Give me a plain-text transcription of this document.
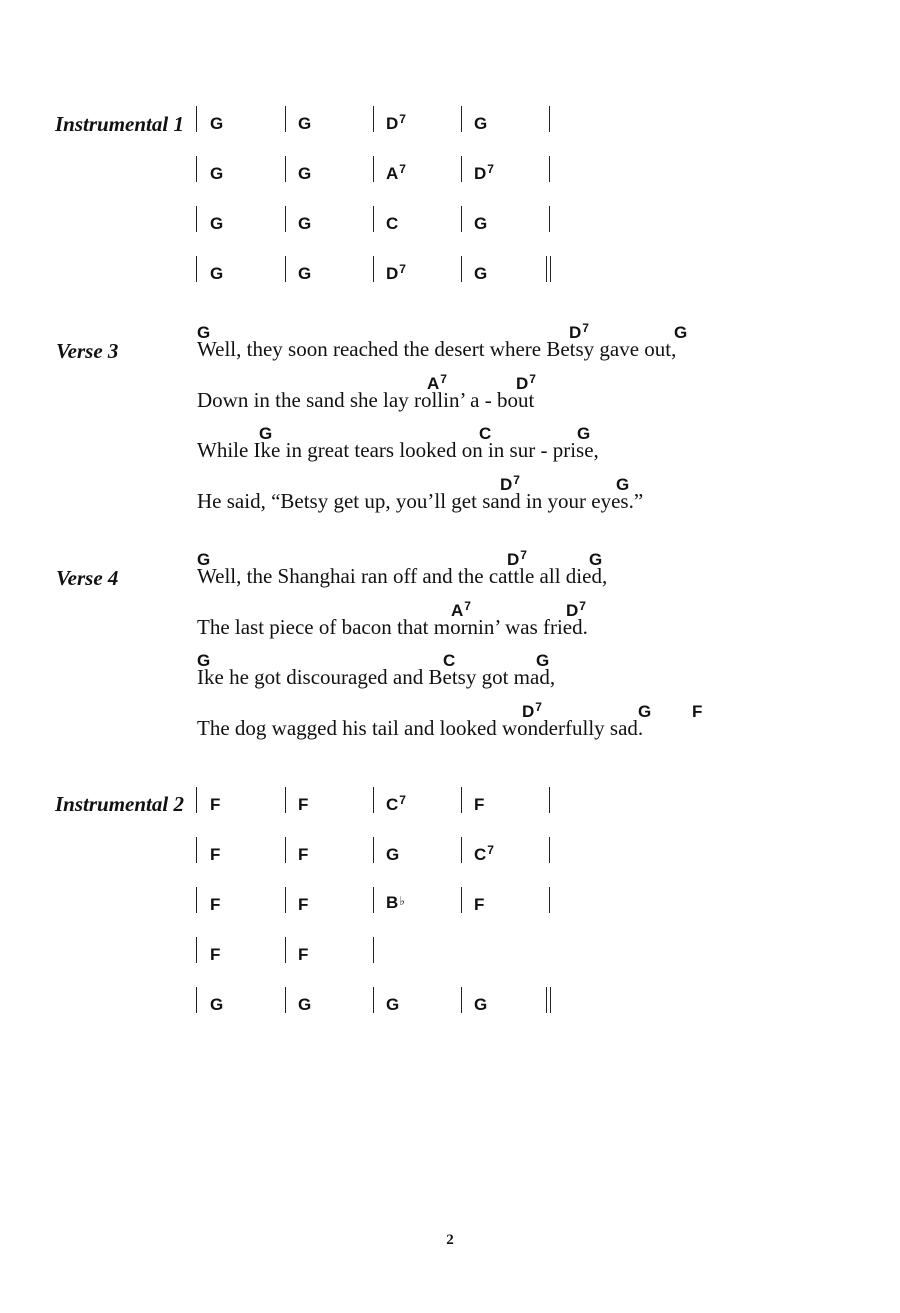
Instrumental 1 G	G	$D^7$	G
G	G	$A^7$	$D^7$
G	G	C	G
G	G	$D^7$	G
Verse 3
G	$D^7$	G
Well, they soon reached the desert where Betsy gave out,
$A^7$	$D^7$
Down in the sand she lay rollin’ a - bout
G	C	G
While Ike in great tears looked on in sur - prise,
$D^7$	G
He said, “Betsy get up, you’ll get sand in your eyes.”
Verse 4
G	$D^7$	G
Well, the Shanghai ran off and the cattle all died,
$A^7$	$D^7$
The last piece of bacon that mornin’ was fried.
G	C	G
Ike he got discouraged and Betsy got mad,
$D^7$	G F
The dog wagged his tail and looked wonderfully sad.
Instrumental 2 F	F	$C^7$	F
F	F	G	$C^7$
F	F	B♭	F
F	F
G	G	G	G
2
